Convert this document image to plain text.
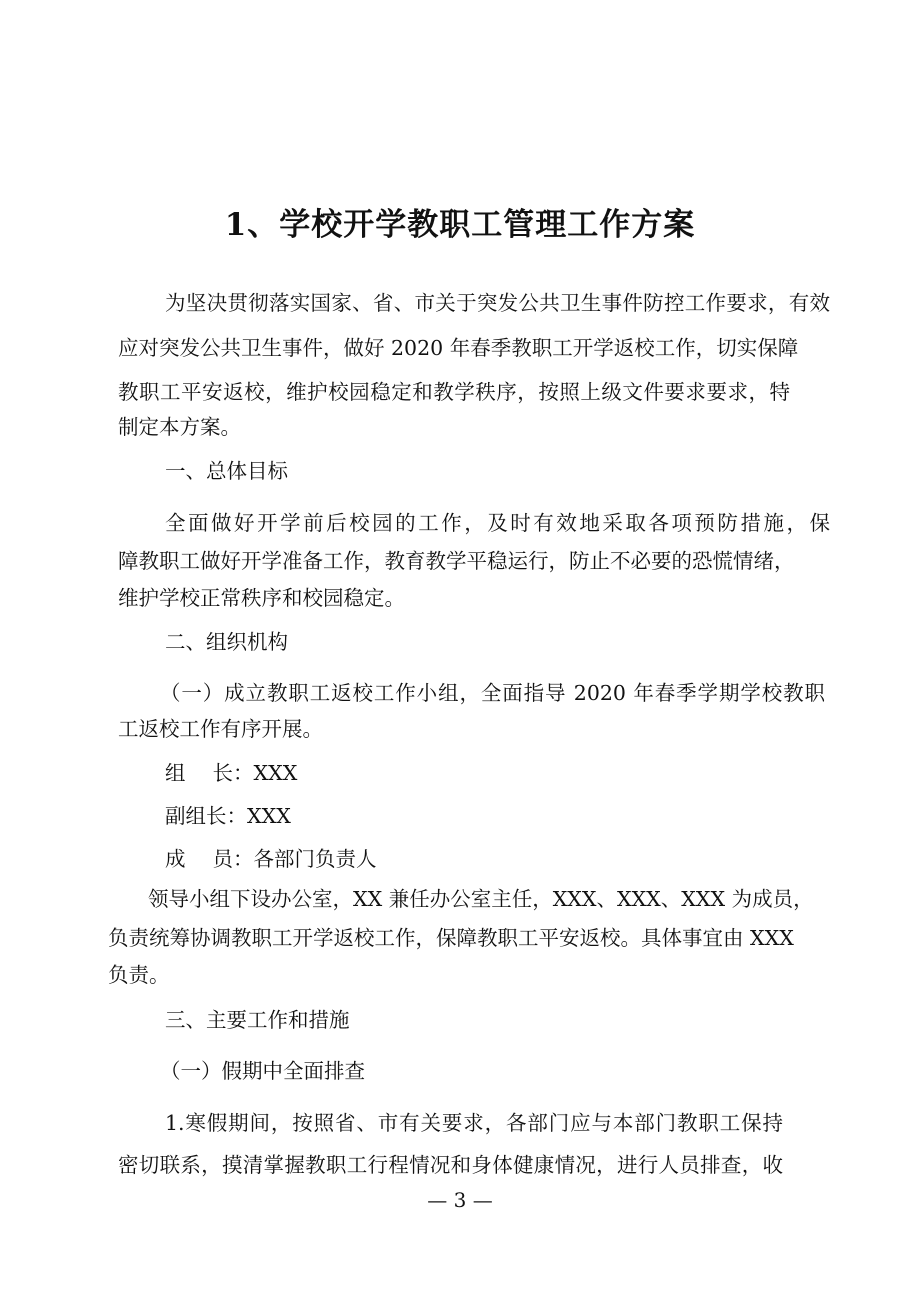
1、学校开学教职工管理工作方案
为坚决贯彻落实国家、省、市关于突发公共卫生事件防控工作要求，有效
应对突发公共卫生事件，做好 2020 年春季教职工开学返校工作，切实保障
教职工平安返校，维护校园稳定和教学秩序，按照上级文件要求要求，特
制定本方案。
一、总体目标
全面做好开学前后校园的工作，及时有效地采取各项预防措施，保
障教职工做好开学准备工作，教育教学平稳运行，防止不必要的恐慌情绪，
维护学校正常秩序和校园稳定。
二、组织机构
（一）成立教职工返校工作小组，全面指导 2020 年春季学期学校教职
工返校工作有序开展。
组　 长：XXX
副组长：XXX
成　 员：各部门负责人
领导小组下设办公室，XX 兼任办公室主任，XXX、XXX、XXX 为成员，
负责统筹协调教职工开学返校工作，保障教职工平安返校。具体事宜由 XXX
负责。
三、主要工作和措施
（一）假期中全面排查
1.寒假期间，按照省、市有关要求，各部门应与本部门教职工保持
密切联系，摸清掌握教职工行程情况和身体健康情况，进行人员排查，收
— 3 —
